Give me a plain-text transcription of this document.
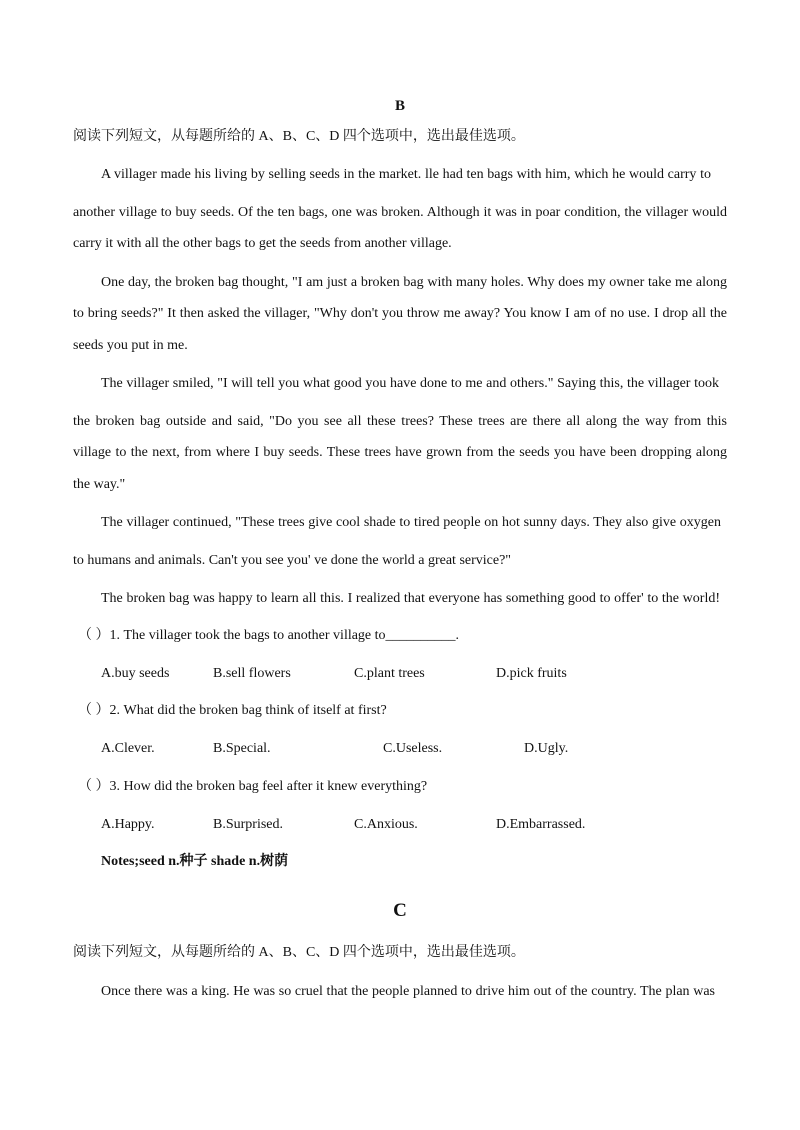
B
阅读下列短文，从每题所给的 A、B、C、D 四个选项中，选出最佳选项。
A villager made his living by selling seeds in the market. lle had ten bags with him, which he would carry to
another village to buy seeds. Of the ten bags, one was broken. Although it was in poar condition, the villager would
carry it with all the other bags to get the seeds from another village.
One day, the broken bag thought, "I am just a broken bag with many holes. Why does my owner take me along
to bring seeds?" It then asked the villager, "Why don't you throw me away? You know I am of no use. I drop all the
seeds you put in me.
The villager smiled, "I will tell you what good you have done to me and others." Saying this, the villager took
the broken bag outside and said, "Do you see all these trees? These trees are there all along the way from this
village to the next, from where I buy seeds. These trees have grown from the seeds you have been dropping along
the way."
The villager continued, "These trees give cool shade to tired people on hot sunny days. They also give oxygen
to humans and animals. Can't you see you' ve done the world a great service?"
The broken bag was happy to learn all this. I realized that everyone has something good to offer' to the world!
（ ）1. The villager took the bags to another village to__________.
A.buy seeds	B.sell flowers	C.plant trees	D.pick fruits
（ ）2. What did the broken bag think of itself at first?
A.Clever.	B.Special.	C.Useless.	D.Ugly.
（ ）3. How did the broken bag feel after it knew everything?
A.Happy.	B.Surprised.	C.Anxious.	D.Embarrassed.
Notes;seed n.种子 shade n.树荫
C
阅读下列短文，从每题所给的 A、B、C、D 四个选项中，选出最佳选项。
Once there was a king. He was so cruel that the people planned to drive him out of the country. The plan was
